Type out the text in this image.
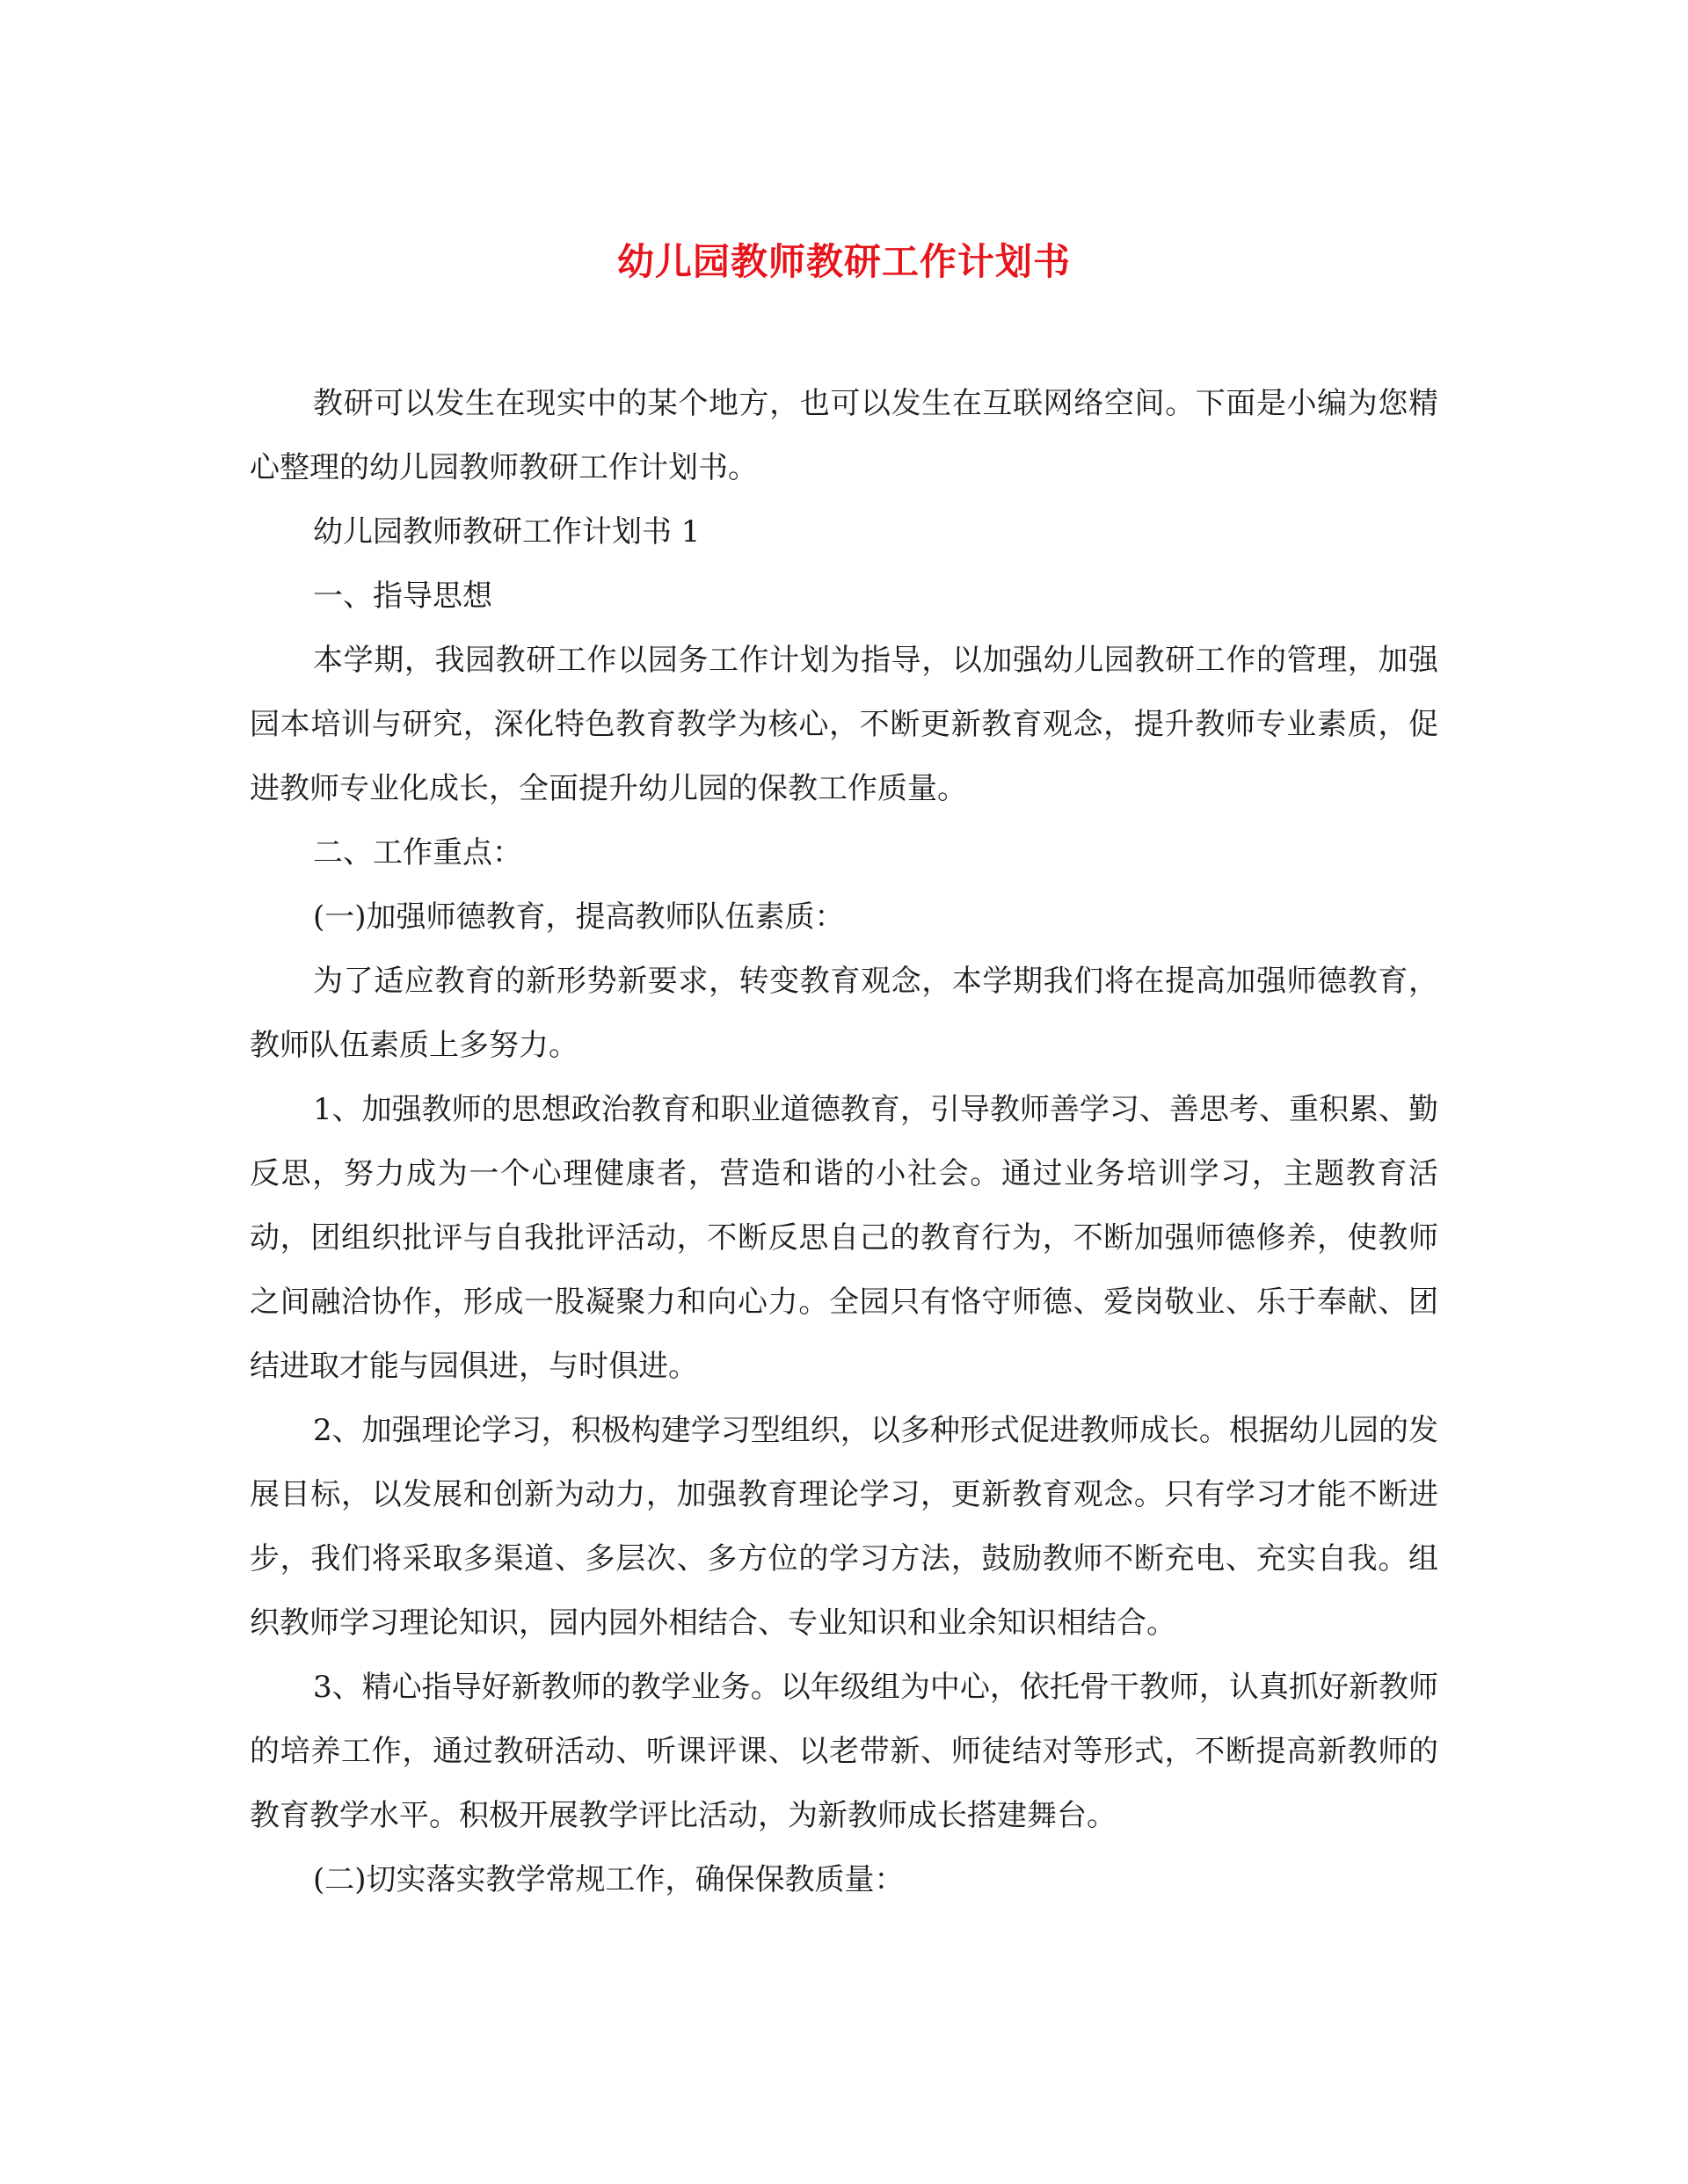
幼儿园教师教研工作计划书

教研可以发生在现实中的某个地方，也可以发生在互联网络空间。下面是小编为您精心整理的幼儿园教师教研工作计划书。

幼儿园教师教研工作计划书 1

一、指导思想

本学期，我园教研工作以园务工作计划为指导，以加强幼儿园教研工作的管理，加强园本培训与研究，深化特色教育教学为核心，不断更新教育观念，提升教师专业素质，促进教师专业化成长，全面提升幼儿园的保教工作质量。

二、工作重点：

(一)加强师德教育，提高教师队伍素质：

为了适应教育的新形势新要求，转变教育观念，本学期我们将在提高加强师德教育，教师队伍素质上多努力。

1、加强教师的思想政治教育和职业道德教育，引导教师善学习、善思考、重积累、勤反思，努力成为一个心理健康者，营造和谐的小社会。通过业务培训学习，主题教育活动，团组织批评与自我批评活动，不断反思自己的教育行为，不断加强师德修养，使教师之间融洽协作，形成一股凝聚力和向心力。全园只有恪守师德、爱岗敬业、乐于奉献、团结进取才能与园俱进，与时俱进。

2、加强理论学习，积极构建学习型组织，以多种形式促进教师成长。根据幼儿园的发展目标，以发展和创新为动力，加强教育理论学习，更新教育观念。只有学习才能不断进步，我们将采取多渠道、多层次、多方位的学习方法，鼓励教师不断充电、充实自我。组织教师学习理论知识，园内园外相结合、专业知识和业余知识相结合。

3、精心指导好新教师的教学业务。以年级组为中心，依托骨干教师，认真抓好新教师的培养工作，通过教研活动、听课评课、以老带新、师徒结对等形式，不断提高新教师的教育教学水平。积极开展教学评比活动，为新教师成长搭建舞台。

(二)切实落实教学常规工作，确保保教质量：
